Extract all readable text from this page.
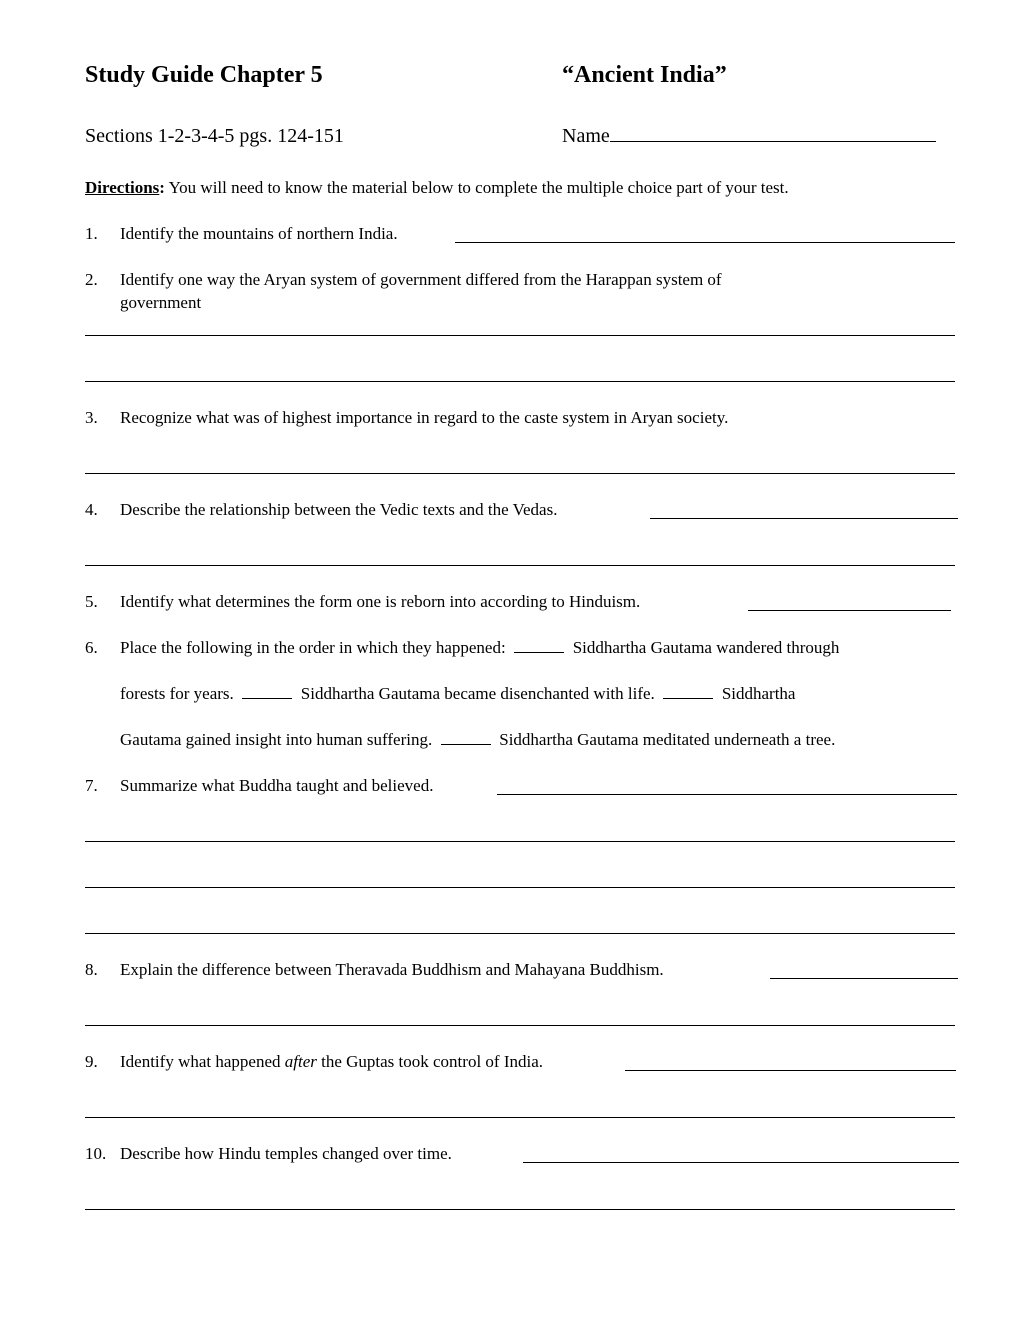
Study Guide Chapter 5	“Ancient India”
Sections 1-2-3-4-5 pgs. 124-151	Name
Directions: You will need to know the material below to complete the multiple choice part of your test.
1. Identify the mountains of northern India.
2. Identify one way the Aryan system of government differed from the Harappan system of
government
3. Recognize what was of highest importance in regard to the caste system in Aryan society.
4. Describe the relationship between the Vedic texts and the Vedas.
5. Identify what determines the form one is reborn into according to Hinduism.
6. Place the following in the order in which they happened:	Siddhartha Gautama wandered through
forests for years.	Siddhartha Gautama became disenchanted with life.	Siddhartha
Gautama gained insight into human suffering.	Siddhartha Gautama meditated underneath a tree.
7. Summarize what Buddha taught and believed.
8. Explain the difference between Theravada Buddhism and Mahayana Buddhism.
9. Identify what happened after the Guptas took control of India.
10. Describe how Hindu temples changed over time.
